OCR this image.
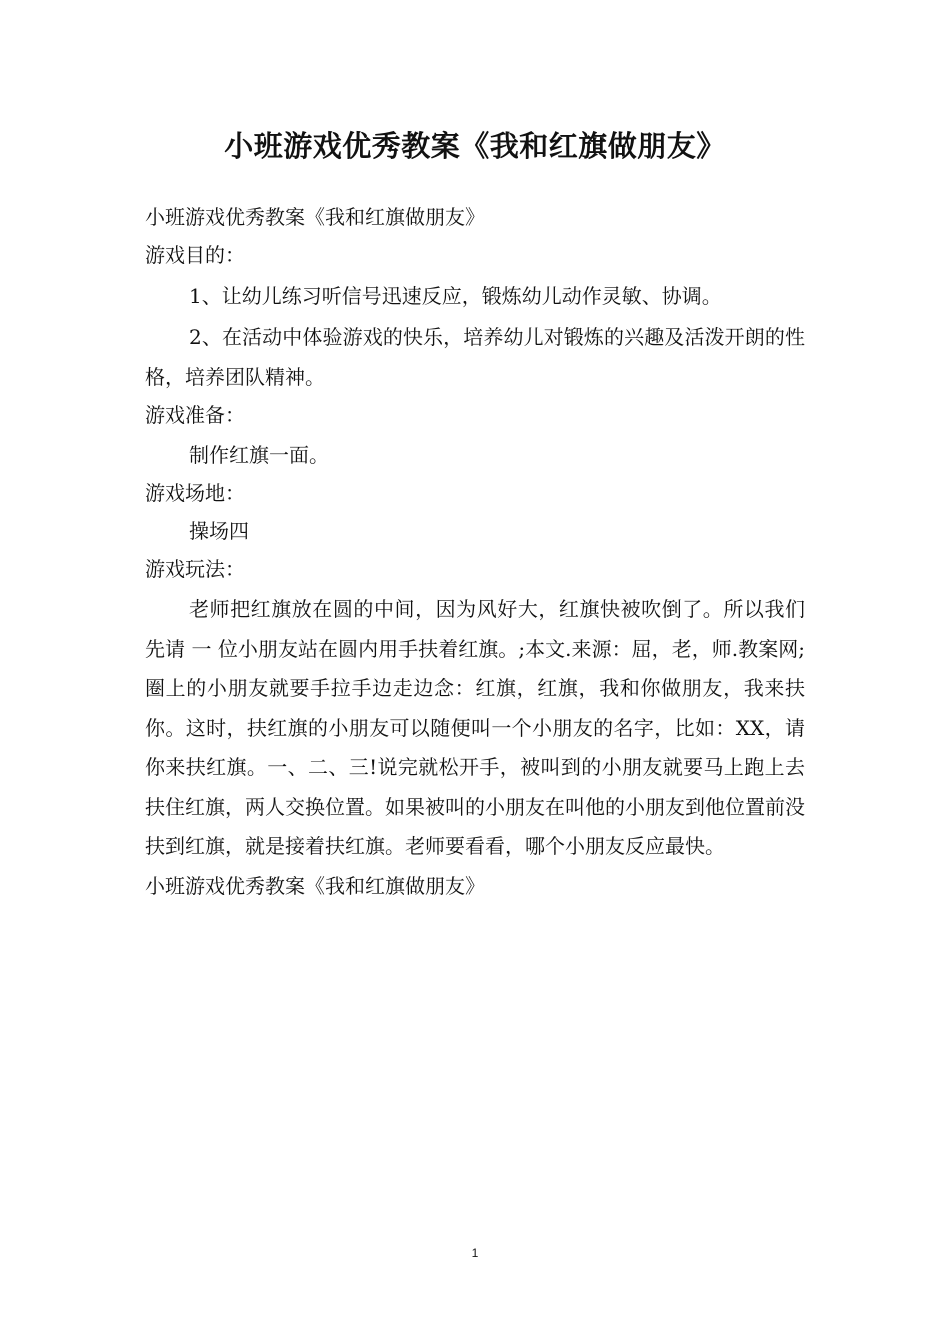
小班游戏优秀教案《我和红旗做朋友》
小班游戏优秀教案《我和红旗做朋友》
游戏目的：
1、让幼儿练习听信号迅速反应，锻炼幼儿动作灵敏、协调。

2、在活动中体验游戏的快乐，培养幼儿对锻炼的兴趣及活泼开朗的性格，培养团队精神。

游戏准备：
制作红旗一面。
游戏场地：
操场四
游戏玩法：

老师把红旗放在圆的中间，因为风好大，红旗快被吹倒了。所以我们先请 一 位小朋友站在圆内用手扶着红旗。;本文.来源：屈，老，师.教案网;圈上的小朋友就要手拉手边走边念：红旗，红旗，我和你做朋友，我来扶你。这时，扶红旗的小朋友可以随便叫一个小朋友的名字，比如：XX，请你来扶红旗。一、二、三!说完就松开手，被叫到的小朋友就要马上跑上去扶住红旗，两人交换位置。如果被叫的小朋友在叫他的小朋友到他位置前没扶到红旗，就是接着扶红旗。老师要看看，哪个小朋友反应最快。

小班游戏优秀教案《我和红旗做朋友》
1
